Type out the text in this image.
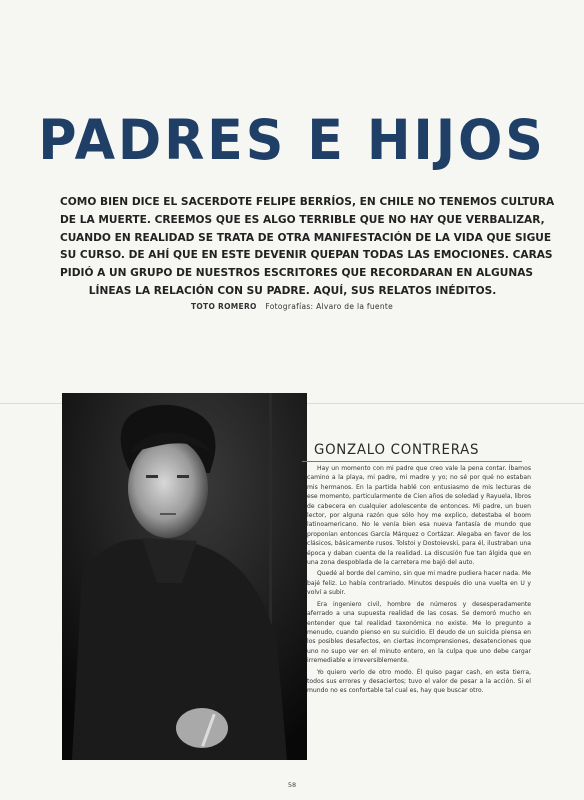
PADRES E HIJOS
COMO BIEN DICE EL SACERDOTE FELIPE BERRÍOS, EN CHILE NO TENEMOS CULTURA
DE LA MUERTE. CREEMOS QUE ES ALGO TERRIBLE QUE NO HAY QUE VERBALIZAR,
CUANDO EN REALIDAD SE TRATA DE OTRA MANIFESTACIÓN DE LA VIDA QUE SIGUE
SU CURSO. DE AHÍ QUE EN ESTE DEVENIR QUEPAN TODAS LAS EMOCIONES. CARAS
PIDIÓ A UN GRUPO DE NUESTROS ESCRITORES QUE RECORDARAN EN ALGUNAS
LÍNEAS LA RELACIÓN CON SU PADRE. AQUÍ, SUS RELATOS INÉDITOS.
TOTO ROMERO Fotografías: Alvaro de la fuente
GONZALO CONTRERAS

Hay un momento con mi padre que creo vale la pena contar. Íbamos camino a la playa, mi padre, mi madre y yo; no sé por qué no estaban mis hermanos. En la partida hablé con entusiasmo de mis lecturas de ese momento, particularmente de Cien años de soledad y Rayuela, libros de cabecera en cualquier adolescente de entonces. Mi padre, un buen lector, por alguna razón que sólo hoy me explico, detestaba el boom latinoamericano. No le venía bien esa nueva fantasía de mundo que proponían entonces García Márquez o Cortázar. Alegaba en favor de los clásicos, básicamente rusos. Tolstoi y Dostoievski, para él, ilustraban una época y daban cuenta de la realidad. La discusión fue tan álgida que en una zona despoblada de la carretera me bajó del auto.

Quedé al borde del camino, sin que mi madre pudiera hacer nada. Me bajé feliz. Lo había contrariado. Minutos después dio una vuelta en U y volví a subir.

Era ingeniero civil, hombre de números y desesperadamente aferrado a una supuesta realidad de las cosas. Se demoró mucho en entender que tal realidad taxonómica no existe. Me lo pregunto a menudo, cuando pienso en su suicidio. El deudo de un suicida piensa en los posibles desafectos, en ciertas incomprensiones, desatenciones que uno no supo ver en el minuto entero, en la culpa que uno debe cargar irremediable e irreversiblemente.

Yo quiero verlo de otro modo. Él quiso pagar cash, en esta tierra, todos sus errores y desaciertos; tuvo el valor de pesar a la acción. Si el mundo no es confortable tal cual es, hay que buscar otro.

58
